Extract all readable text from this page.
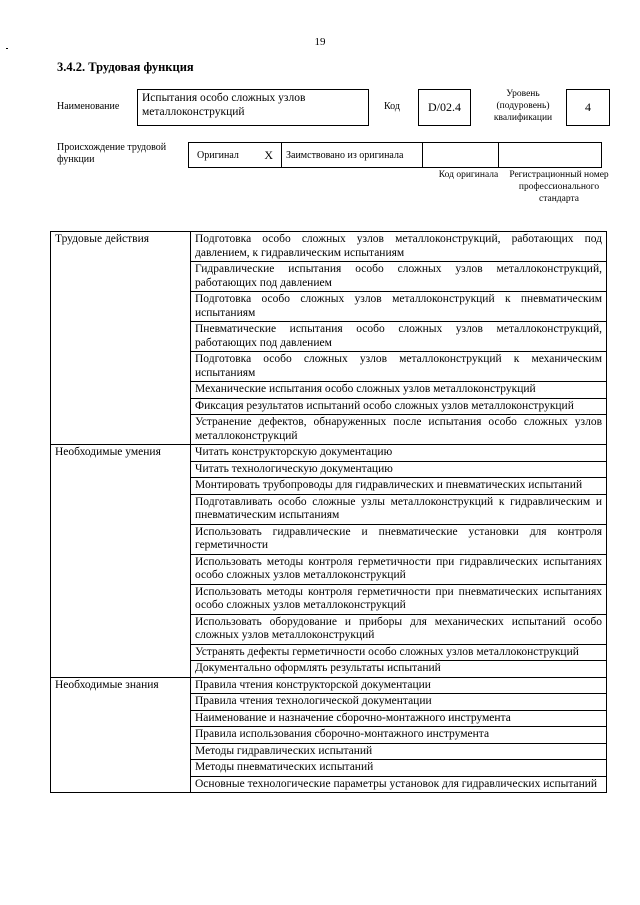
19
3.4.2. Трудовая функция
Наименование
Испытания особо сложных узлов металлоконструкций	Код	D/02.4
Уровень (подуровень) квалификации
4
Происхождение трудовой функции	Оригинал X Заимствовано из оригинала
Код оригинала	Регистрационный номер профессионального стандарта
Трудовые действия	Подготовка особо сложных узлов металлоконструкций, работающих под давлением, к гидравлическим испытаниям
	Гидравлические испытания особо сложных узлов металлоконструкций, работающих под давлением
	Подготовка особо сложных узлов металлоконструкций к пневматическим испытаниям
	Пневматические испытания особо сложных узлов металлоконструкций, работающих под давлением
	Подготовка особо сложных узлов металлоконструкций к механическим испытаниям
	Механические испытания особо сложных узлов металлоконструкций
	Фиксация результатов испытаний особо сложных узлов металлоконструкций
	Устранение дефектов, обнаруженных после испытания особо сложных узлов металлоконструкций
Необходимые умения	Читать конструкторскую документацию
	Читать технологическую документацию
	Монтировать трубопроводы для гидравлических и пневматических испытаний
	Подготавливать особо сложные узлы металлоконструкций к гидравлическим и пневматическим испытаниям
	Использовать гидравлические и пневматические установки для контроля герметичности
	Использовать методы контроля герметичности при гидравлических испытаниях особо сложных узлов металлоконструкций
	Использовать методы контроля герметичности при пневматических испытаниях особо сложных узлов металлоконструкций
	Использовать оборудование и приборы для механических испытаний особо сложных узлов металлоконструкций
	Устранять дефекты герметичности особо сложных узлов металлоконструкций
	Документально оформлять результаты испытаний
Необходимые знания	Правила чтения конструкторской документации
	Правила чтения технологической документации
	Наименование и назначение сборочно-монтажного инструмента
	Правила использования сборочно-монтажного инструмента
	Методы гидравлических испытаний
	Методы пневматических испытаний
	Основные технологические параметры установок для гидравлических испытаний
